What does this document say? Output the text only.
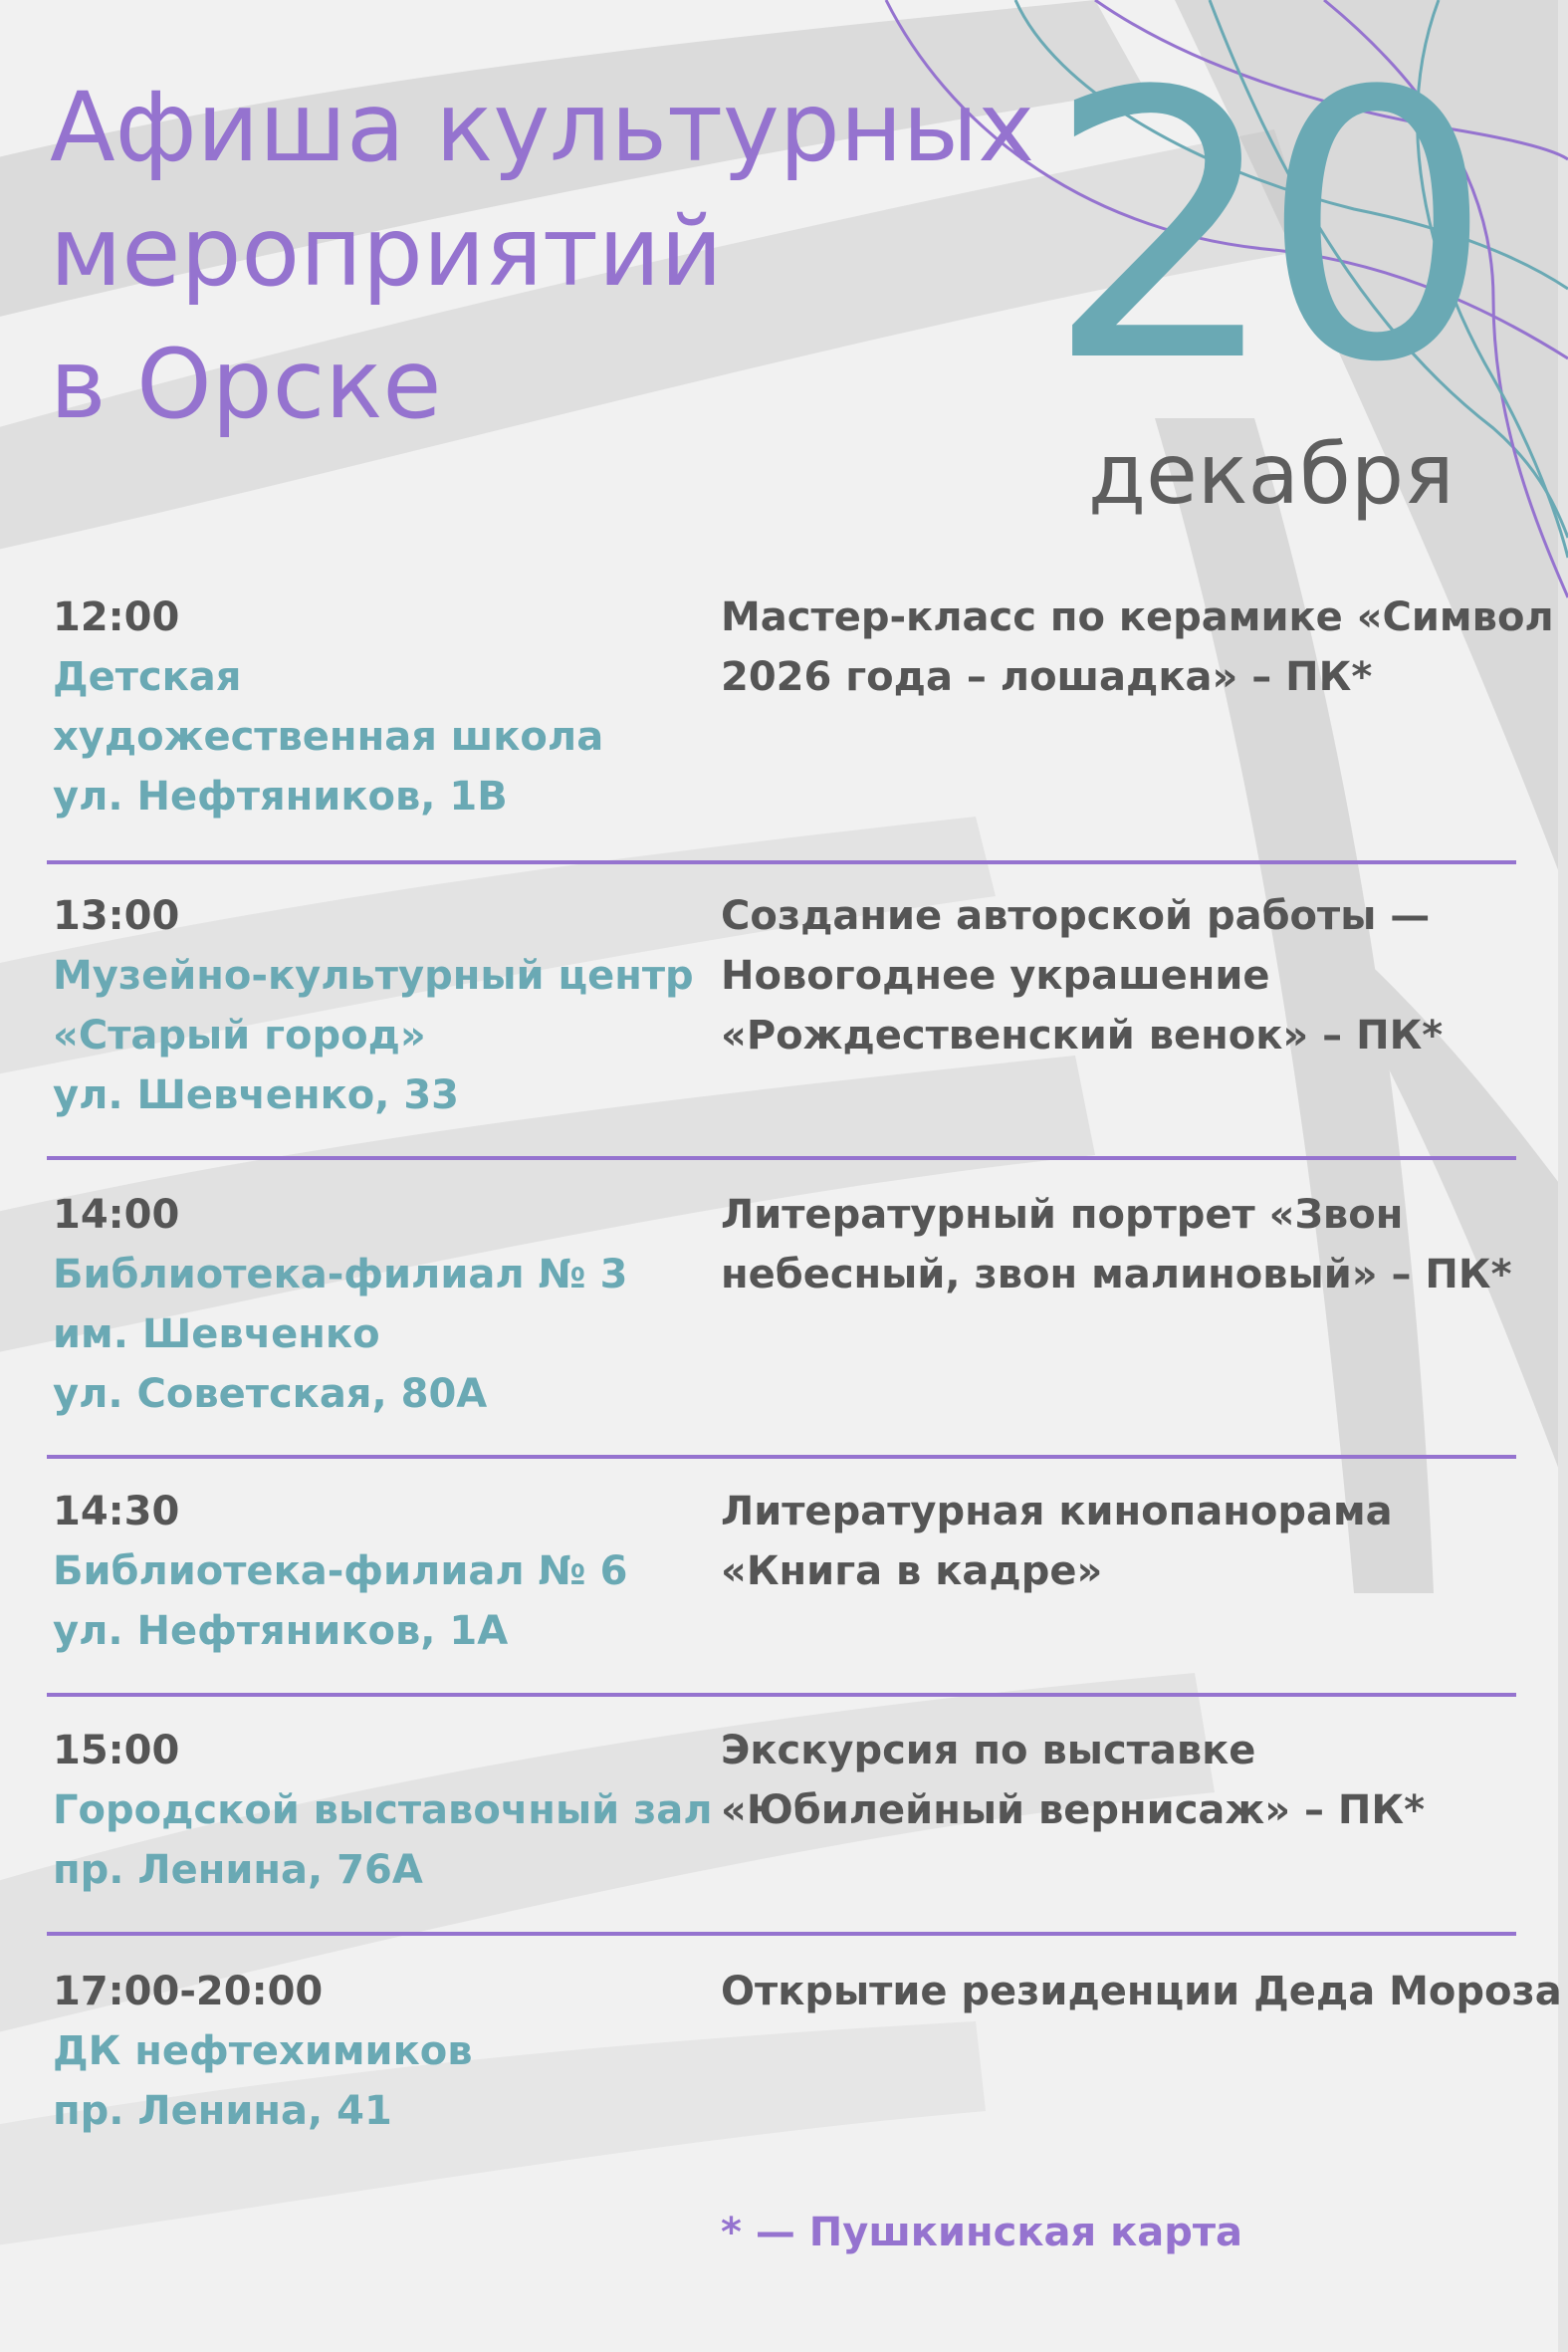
Афиша культурных
мероприятий
в Орске 20
декабря
12:00
Детская
художественная школа
ул. Нефтяников, 1В
Мастер-класс по керамике «Символ
2026 года – лошадка» – ПК*
13:00
Музейно-культурный центр
«Старый город»
ул. Шевченко, 33
Создание авторской работы —
Новогоднее украшение
«Рождественский венок» – ПК*
14:00
Библиотека-филиал № 3
им. Шевченко
ул. Советская, 80А
Литературный портрет «Звон
небесный, звон малиновый» – ПК*
14:30
Библиотека-филиал № 6
ул. Нефтяников, 1А
Литературная кинопанорама
«Книга в кадре»
15:00
Городской выставочный зал
пр. Ленина, 76А
Экскурсия по выставке
«Юбилейный вернисаж» – ПК*
17:00-20:00
ДК нефтехимиков
пр. Ленина, 41
Открытие резиденции Деда Мороза
* — Пушкинская карта
